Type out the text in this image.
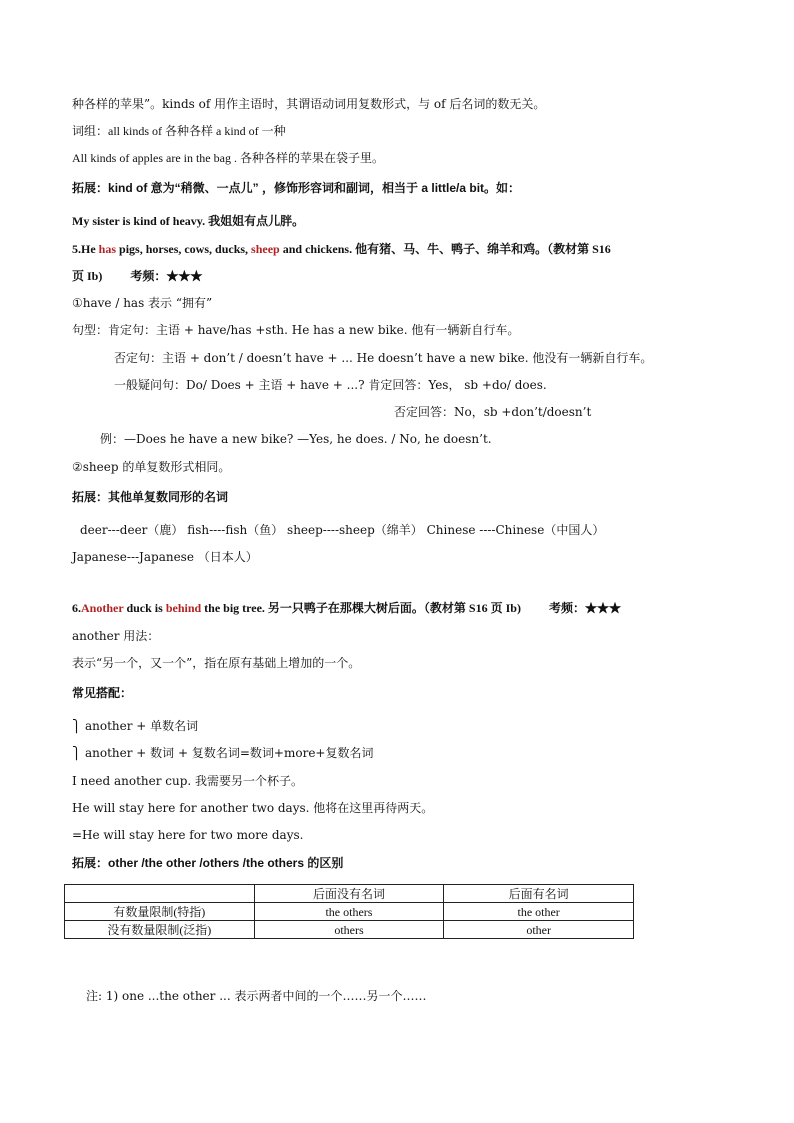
种各样的苹果”。kinds of 用作主语时，其谓语动词用复数形式，与 of 后名词的数无关。
词组：all kinds of 各种各样 a kind of 一种
All kinds of apples are in the bag . 各种各样的苹果在袋子里。
拓展：kind of 意为“稍微、一点儿” ，修饰形容词和副词，相当于 a little/a bit。如：
My sister is kind of heavy. 我姐姐有点儿胖。
5.He has pigs, horses, cows, ducks, sheep and chickens. 他有猪、马、牛、鸭子、绵羊和鸡。（教材第 S16
页 Ib) 考频：★★★
①have / has 表示 “拥有”
句型：肯定句：主语 + have/has +sth. He has a new bike. 他有一辆新自行车。
否定句：主语 + don’t / doesn’t have + ... He doesn’t have a new bike. 他没有一辆新自行车。
一般疑问句：Do/ Does + 主语 + have + ...? 肯定回答：Yes， sb +do/ does.
否定回答：No，sb +don’t/doesn’t
例：—Does he have a new bike? —Yes, he does. / No, he doesn’t.
②sheep 的单复数形式相同。
拓展：其他单复数同形的名词
deer---deer（鹿） fish----fish（鱼） sheep----sheep（绵羊） Chinese ----Chinese（中国人）
Japanese---Japanese （日本人）
6.Another duck is behind the big tree. 另一只鸭子在那棵大树后面。（教材第 S16 页 Ib) 考频：★★★
another 用法：
表示“另一个，又一个”，指在原有基础上增加的一个。
常见搭配：
⎫ another + 单数名词
⎫ another + 数词 + 复数名词=数词+more+复数名词
I need another cup. 我需要另一个杯子。
He will stay here for another two days. 他将在这里再待两天。
=He will stay here for two more days.
拓展：other /the other /others /the others 的区别
	后面没有名词	后面有名词
有数量限制(特指)	the others	the other
没有数量限制(泛指)	others	other
注: 1) one ...the other ... 表示两者中间的一个……另一个……
